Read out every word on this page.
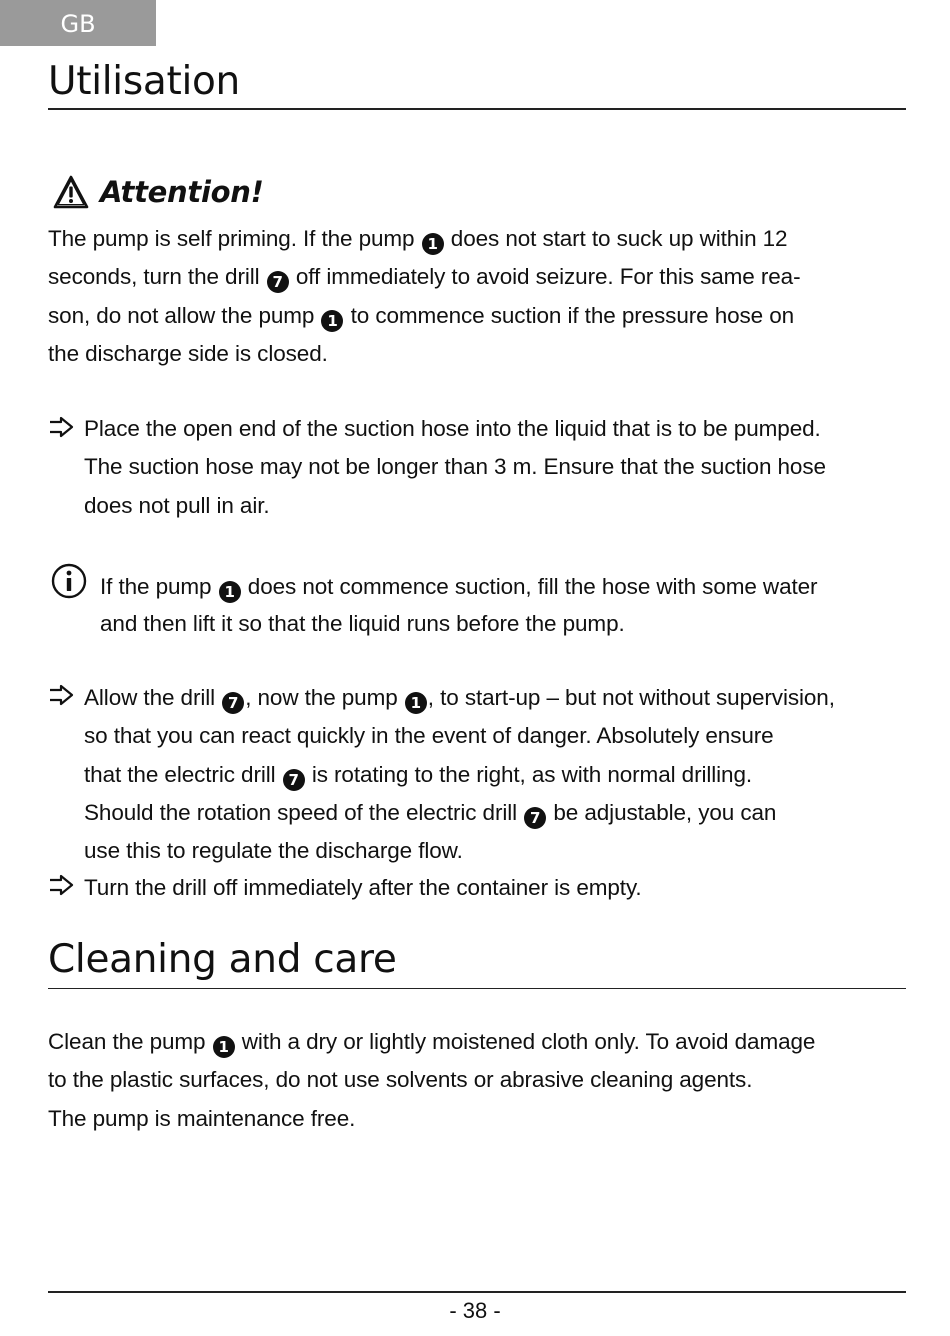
GB
Utilisation
Attention!
The pump is self priming. If the pump 1 does not start to suck up within 12
seconds, turn the drill 7 off immediately to avoid seizure. For this same rea-
son, do not allow the pump 1 to commence suction if the pressure hose on
the discharge side is closed.
Place the open end of the suction hose into the liquid that is to be pumped.
The suction hose may not be longer than 3 m. Ensure that the suction hose
does not pull in air.
If the pump 1 does not commence suction, fill the hose with some water
and then lift it so that the liquid runs before the pump.
Allow the drill 7 , now the pump 1 , to start-up – but not without supervision,
so that you can react quickly in the event of danger. Absolutely ensure
that the electric drill 7 is rotating to the right, as with normal drilling.
Should the rotation speed of the electric drill 7 be adjustable, you can
use this to regulate the discharge flow.
Turn the drill off immediately after the container is empty.
Cleaning and care
Clean the pump 1 with a dry or lightly moistened cloth only. To avoid damage
to the plastic surfaces, do not use solvents or abrasive cleaning agents.
The pump is maintenance free.
- 38 -
